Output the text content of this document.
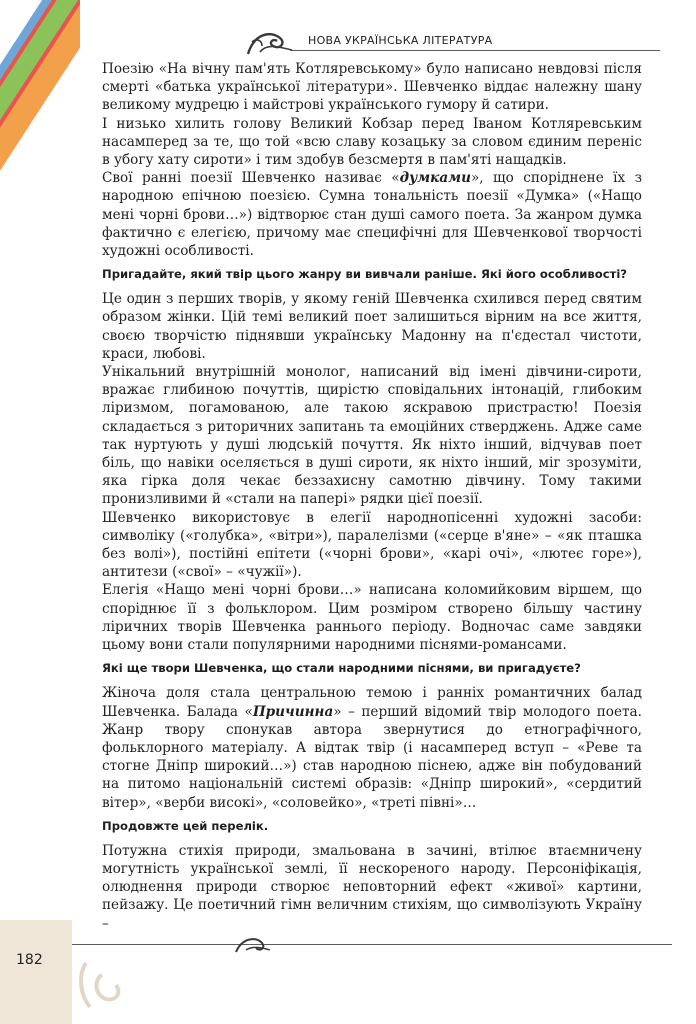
НОВА УКРАЇНСЬКА ЛІТЕРАТУРА

Поезію «На вічну пам'ять Котляревському» було написано невдовзі після смерті «батька української літератури». Шевченко віддає належну шану великому мудрецю і майстрові українського гумору й сатири.

І низько хилить голову Великий Кобзар перед Іваном Котляревським насамперед за те, що той «всю славу козацьку за словом єдиним переніс в убогу хату сироти» і тим здобув безсмертя в пам'яті нащадків.

Свої ранні поезії Шевченко називає «думками», що споріднене їх з народною епічною поезією. Сумна тональність поезії «Думка» («Нащо мені чорні брови…») відтворює стан душі самого поета. За жанром думка фактично є елегією, причому має специфічні для Шевченкової творчості художні особливості.

Пригадайте, який твір цього жанру ви вивчали раніше. Які його особливості?

Це один з перших творів, у якому геній Шевченка схилився перед святим образом жінки. Цій темі великий поет залишиться вірним на все життя, своєю творчістю піднявши українську Мадонну на п'єдестал чистоти, краси, любові.

Унікальний внутрішній монолог, написаний від імені дівчини-сироти, вражає глибиною почуттів, щирістю сповідальних інтонацій, глибоким ліризмом, погамованою, але такою яскравою пристрастю! Поезія складається з риторичних запитань та емоційних стверджень. Адже саме так нуртують у душі людській почуття. Як ніхто інший, відчував поет біль, що навіки оселяється в душі сироти, як ніхто інший, міг зрозуміти, яка гірка доля чекає беззахисну самотню дівчину. Тому такими пронизливими й «стали на папері» рядки цієї поезії.

Шевченко використовує в елегії народнопісенні художні засоби: символіку («голубка», «вітри»), паралелізми («серце в'яне» – «як пташка без волі»), постійні епітети («чорні брови», «карі очі», «лютеє горе»), антитези («свої» – «чужії»).

Елегія «Нащо мені чорні брови…» написана коломийковим віршем, що споріднює її з фольклором. Цим розміром створено більшу частину ліричних творів Шевченка раннього періоду. Водночас саме завдяки цьому вони стали популярними народними піснями-романсами.

Які ще твори Шевченка, що стали народними піснями, ви пригадуєте?

Жіноча доля стала центральною темою і ранніх романтичних балад Шевченка. Балада «Причинна» – перший відомий твір молодого поета. Жанр твору спонукав автора звернутися до етнографічного, фольклорного матеріалу. А відтак твір (і насамперед вступ – «Реве та стогне Дніпр широкий…») став народною піснею, адже він побудований на питомо національній системі образів: «Дніпр широкий», «сердитий вітер», «верби високі», «соловейко», «треті півні»…

Продовжте цей перелік.

Потужна стихія природи, змальована в зачині, втілює втаємничену могутність української землі, її нескореного народу. Персоніфікація, олюднення природи створює неповторний ефект «живої» картини, пейзажу. Це поетичний гімн величним стихіям, що символізують Україну –

182
